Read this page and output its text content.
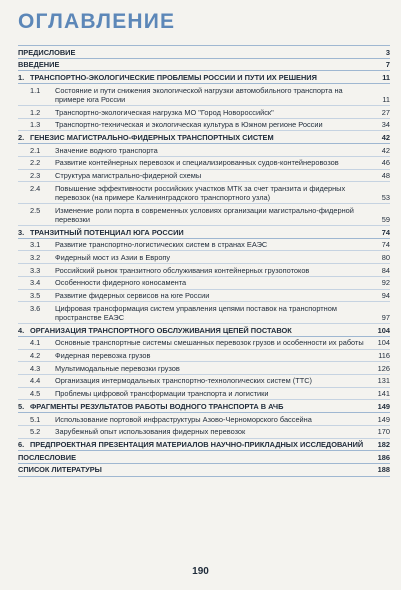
ОГЛАВЛЕНИЕ
ПРЕДИСЛОВИЕ	3
ВВЕДЕНИЕ	7
1. ТРАНСПОРТНО-ЭКОЛОГИЧЕСКИЕ ПРОБЛЕМЫ РОССИИ И ПУТИ ИХ РЕШЕНИЯ	11
1.1 Состояние и пути снижения экологической нагрузки автомобильного транспорта на примере юга России	11
1.2 Транспортно-экологическая нагрузка МО "Город Новороссийск"	27
1.3 Транспортно-техническая и экологическая культура в Южном регионе России	34
2. ГЕНЕЗИС МАГИСТРАЛЬНО-ФИДЕРНЫХ ТРАНСПОРТНЫХ СИСТЕМ	42
2.1 Значение водного транспорта	42
2.2 Развитие контейнерных перевозок и специализированных судов-контейнеровозов	46
2.3 Структура магистрально-фидерной схемы	48
2.4 Повышение эффективности российских участков МТК за счет транзита и фидерных перевозок (на примере Калининградского транспортного узла)	53
2.5 Изменение роли порта в современных условиях организации магистрально-фидерной перевозки	59
3. ТРАНЗИТНЫЙ ПОТЕНЦИАЛ ЮГА РОССИИ	74
3.1 Развитие транспортно-логистических систем в странах ЕАЭС	74
3.2 Фидерный мост из Азии в Европу	80
3.3 Российский рынок транзитного обслуживания контейнерных грузопотоков	84
3.4 Особенности фидерного коносамента	92
3.5 Развитие фидерных сервисов на юге России	94
3.6 Цифровая трансформация систем управления цепями поставок на транспортном пространстве ЕАЭС	97
4. ОРГАНИЗАЦИЯ ТРАНСПОРТНОГО ОБСЛУЖИВАНИЯ ЦЕПЕЙ ПОСТАВОК	104
4.1 Основные транспортные системы смешанных перевозок грузов и особенности их работы	104
4.2 Фидерная перевозка грузов	116
4.3 Мультимодальные перевозки грузов	126
4.4 Организация интермодальных транспортно-технологических систем (ТТС)	131
4.5 Проблемы цифровой трансформации транспорта и логистики	141
5. ФРАГМЕНТЫ РЕЗУЛЬТАТОВ РАБОТЫ ВОДНОГО ТРАНСПОРТА В АЧБ	149
5.1 Использование портовой инфраструктуры Азово-Черноморского бассейна	149
5.2 Зарубежный опыт использования фидерных перевозок	170
6. ПРЕДПРОЕКТНАЯ ПРЕЗЕНТАЦИЯ МАТЕРИАЛОВ НАУЧНО-ПРИКЛАДНЫХ ИССЛЕДОВАНИЙ	182
ПОСЛЕСЛОВИЕ	186
СПИСОК ЛИТЕРАТУРЫ	188
190
